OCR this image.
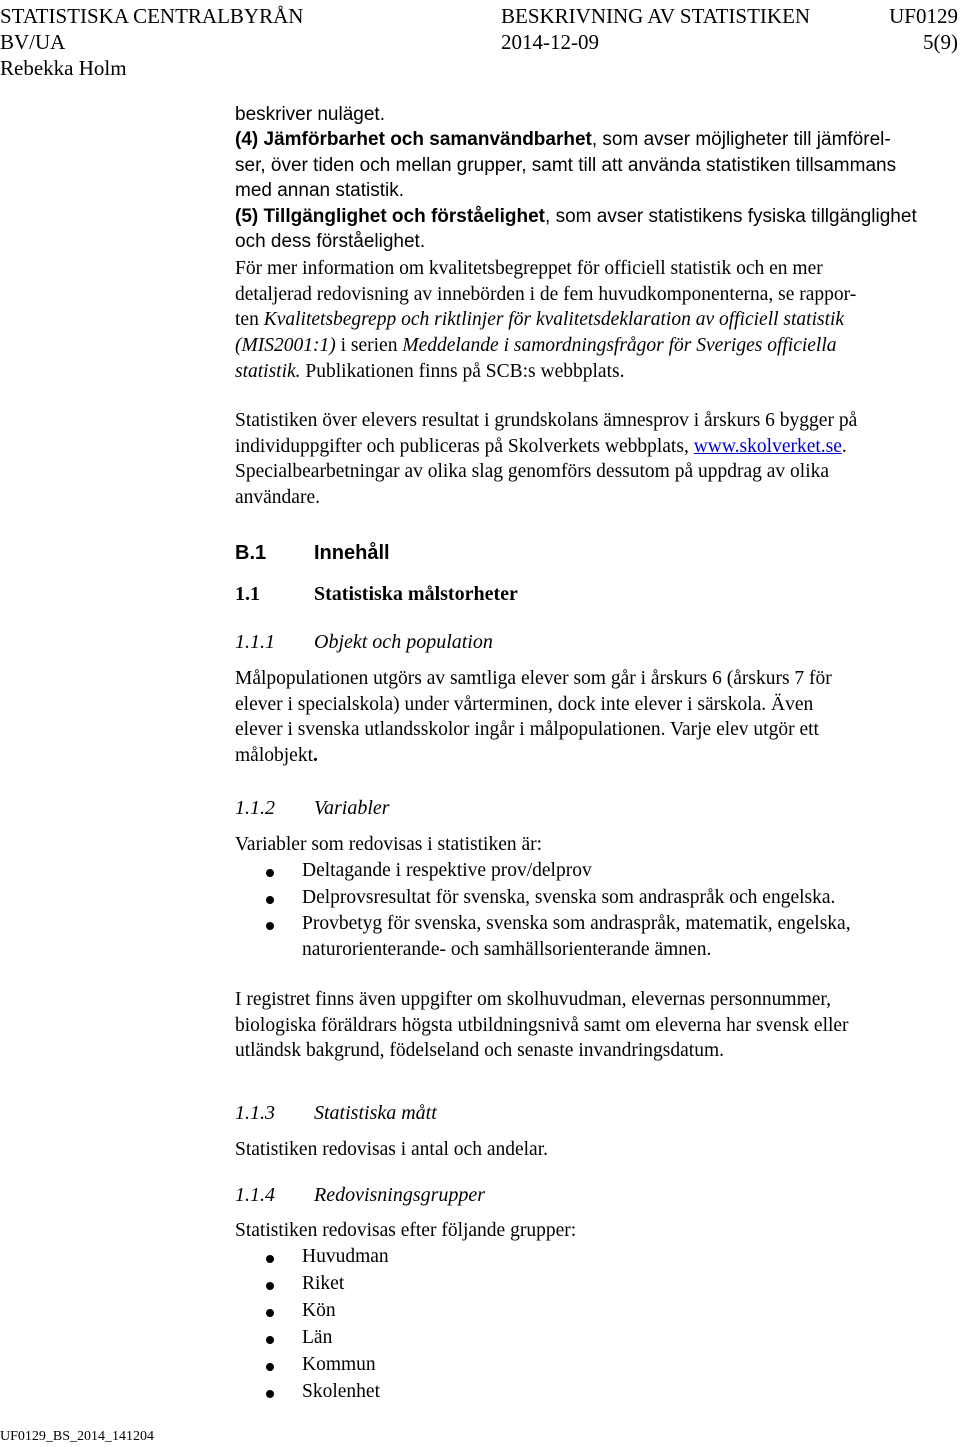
STATISTISKA CENTRALBYRÅN	BESKRIVNING AV STATISTIKEN	UF0129
BV/UA	2014-12-09	5(9)
Rebekka Holm
beskriver nuläget.
(4) Jämförbarhet och samanvändbarhet, som avser möjligheter till jämförel-
ser, över tiden och mellan grupper, samt till att använda statistiken tillsammans
med annan statistik.
(5) Tillgänglighet och förståelighet, som avser statistikens fysiska tillgänglighet
och dess förståelighet.
För mer information om kvalitetsbegreppet för officiell statistik och en mer
detaljerad redovisning av innebörden i de fem huvudkomponenterna, se rappor-
ten Kvalitetsbegrepp och riktlinjer för kvalitetsdeklaration av officiell statistik
(MIS2001:1) i serien Meddelande i samordningsfrågor för Sveriges officiella
statistik. Publikationen finns på SCB:s webbplats.
Statistiken över elevers resultat i grundskolans ämnesprov i årskurs 6 bygger på
individuppgifter och publiceras på Skolverkets webbplats, www.skolverket.se.
Specialbearbetningar av olika slag genomförs dessutom på uppdrag av olika
användare.
B.1 Innehåll
1.1	Statistiska målstorheter
1.1.1 Objekt och population
Målpopulationen utgörs av samtliga elever som går i årskurs 6 (årskurs 7 för
elever i specialskola) under vårterminen, dock inte elever i särskola. Även
elever i svenska utlandsskolor ingår i målpopulationen. Varje elev utgör ett
målobjekt.
1.1.2 Variabler
Variabler som redovisas i statistiken är:
Deltagande i respektive prov/delprov
Delprovsresultat för svenska, svenska som andraspråk och engelska.
Provbetyg för svenska, svenska som andraspråk, matematik, engelska,
naturorienterande- och samhällsorienterande ämnen.
I registret finns även uppgifter om skolhuvudman, elevernas personnummer,
biologiska föräldrars högsta utbildningsnivå samt om eleverna har svensk eller
utländsk bakgrund, födelseland och senaste invandringsdatum.
1.1.3 Statistiska mått
Statistiken redovisas i antal och andelar.
1.1.4 Redovisningsgrupper
Statistiken redovisas efter följande grupper:
Huvudman
Riket
Kön
Län
Kommun
Skolenhet
UF0129_BS_2014_141204
